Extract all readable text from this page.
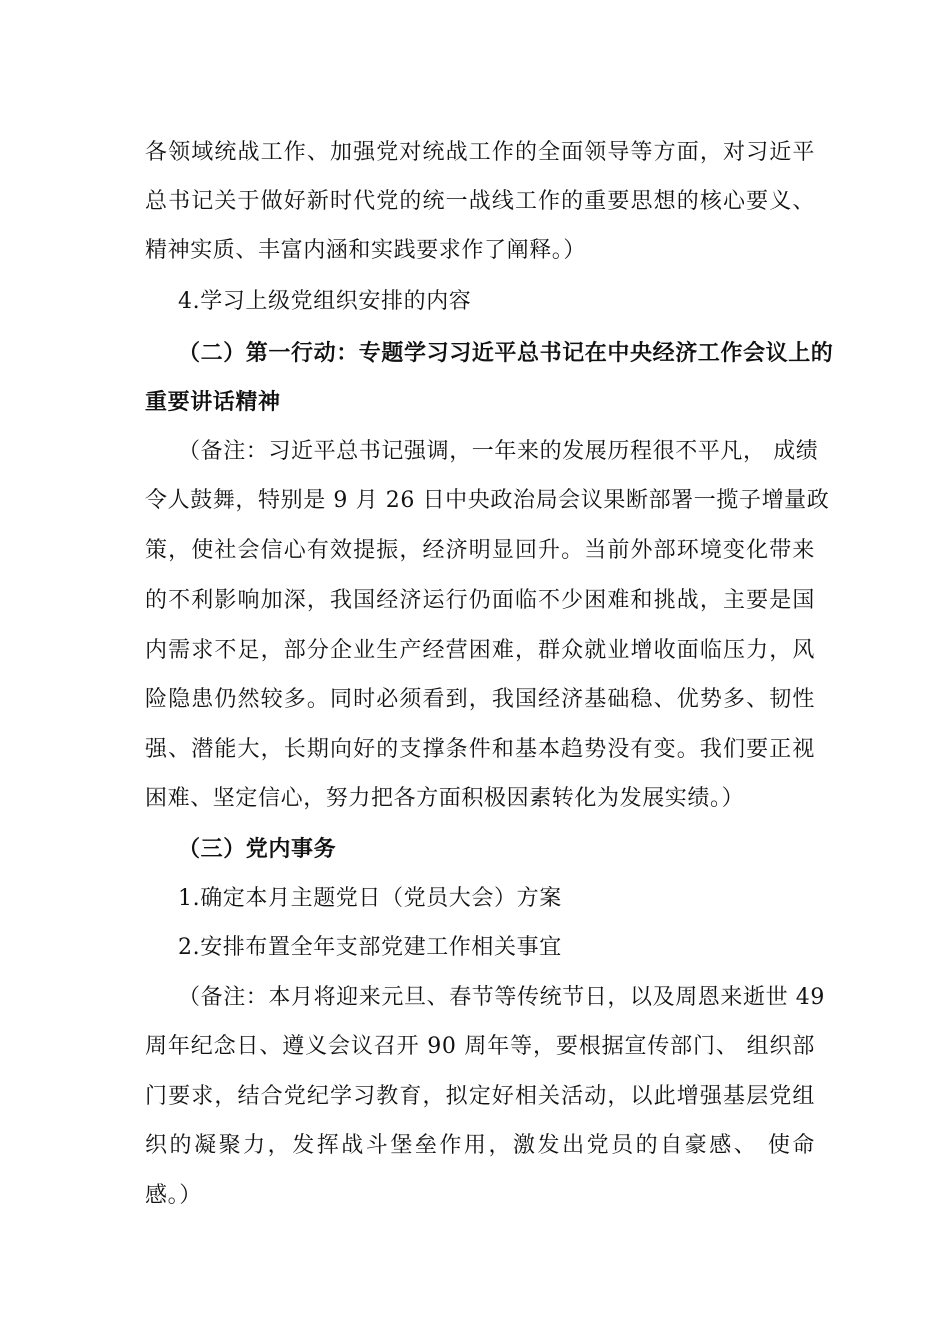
各领域统战工作、加强党对统战工作的全面领导等方面，对习近平
总书记关于做好新时代党的统一战线工作的重要思想的核心要义、
精神实质、丰富内涵和实践要求作了阐释。）
4.学习上级党组织安排的内容
（二）第一行动：专题学习习近平总书记在中央经济工作会议上的
重要讲话精神
（备注：习近平总书记强调，一年来的发展历程很不平凡， 成绩
令人鼓舞，特别是 9 月 26 日中央政治局会议果断部署一揽子增量政
策，使社会信心有效提振，经济明显回升。当前外部环境变化带来
的不利影响加深，我国经济运行仍面临不少困难和挑战，主要是国
内需求不足，部分企业生产经营困难，群众就业增收面临压力，风
险隐患仍然较多。同时必须看到，我国经济基础稳、优势多、韧性
强、潜能大，长期向好的支撑条件和基本趋势没有变。我们要正视
困难、坚定信心，努力把各方面积极因素转化为发展实绩。）
（三）党内事务
1.确定本月主题党日（党员大会）方案
2.安排布置全年支部党建工作相关事宜
（备注：本月将迎来元旦、春节等传统节日，以及周恩来逝世 49
周年纪念日、遵义会议召开 90 周年等，要根据宣传部门、 组织部
门要求，结合党纪学习教育，拟定好相关活动，以此增强基层党组
织的凝聚力，发挥战斗堡垒作用，激发出党员的自豪感、 使命
感。）
